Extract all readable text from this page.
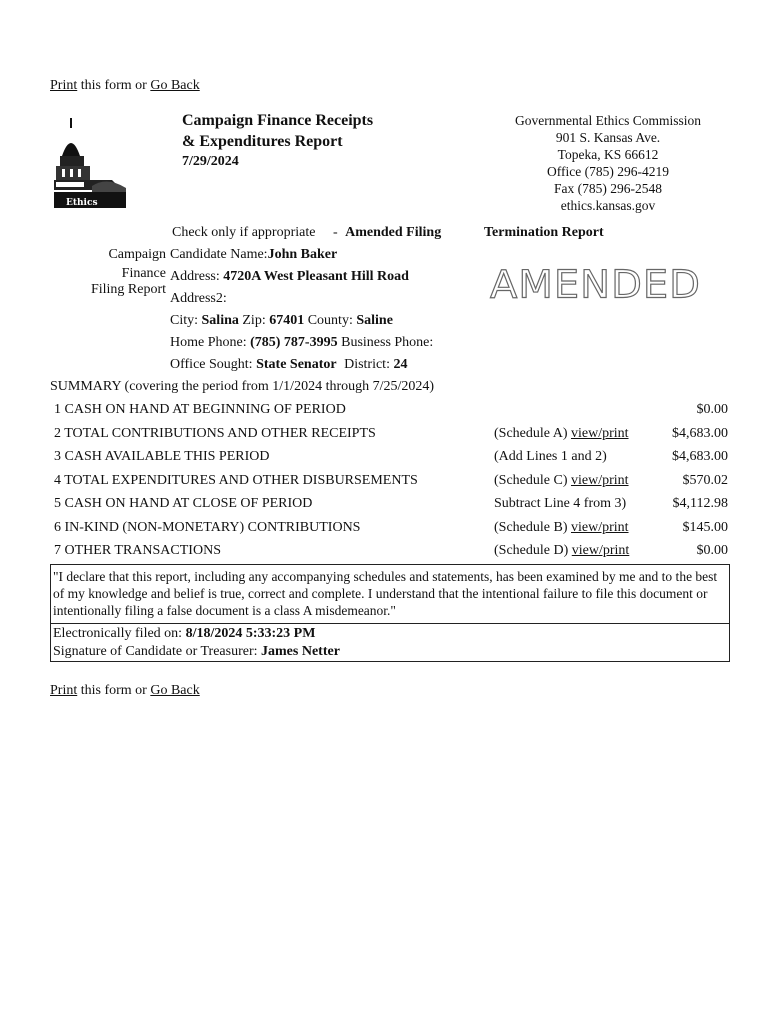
Print this form or Go Back
Ethics
Campaign Finance Receipts
& Expenditures Report
7/29/2024
Governmental Ethics Commission
901 S. Kansas Ave.
Topeka, KS 66612
Office (785) 296-4219
Fax (785) 296-2548
ethics.kansas.gov
Check only if appropriate - Amended Filing	Termination Report
Campaign
Finance
Filing Report
Candidate Name:John Baker
Address: 4720A West Pleasant Hill Road
Address2:
City: Salina Zip: 67401 County: Saline
Home Phone: (785) 787-3995 Business Phone:
Office Sought: State Senator District: 24
AMENDED
SUMMARY (covering the period from 1/1/2024 through 7/25/2024)
1 CASH ON HAND AT BEGINNING OF PERIOD	$0.00
2 TOTAL CONTRIBUTIONS AND OTHER RECEIPTS	(Schedule A) view/print	$4,683.00
3 CASH AVAILABLE THIS PERIOD	(Add Lines 1 and 2)	$4,683.00
4 TOTAL EXPENDITURES AND OTHER DISBURSEMENTS	(Schedule C) view/print	$570.02
5 CASH ON HAND AT CLOSE OF PERIOD	Subtract Line 4 from 3)	$4,112.98
6 IN-KIND (NON-MONETARY) CONTRIBUTIONS	(Schedule B) view/print	$145.00
7 OTHER TRANSACTIONS	(Schedule D) view/print	$0.00
"I declare that this report, including any accompanying schedules and statements, has been examined by me and to the best of my knowledge and belief is true, correct and complete. I understand that the intentional failure to file this document or intentionally filing a false document is a class A misdemeanor."
Electronically filed on: 8/18/2024 5:33:23 PM
Signature of Candidate or Treasurer: James Netter
Print this form or Go Back
